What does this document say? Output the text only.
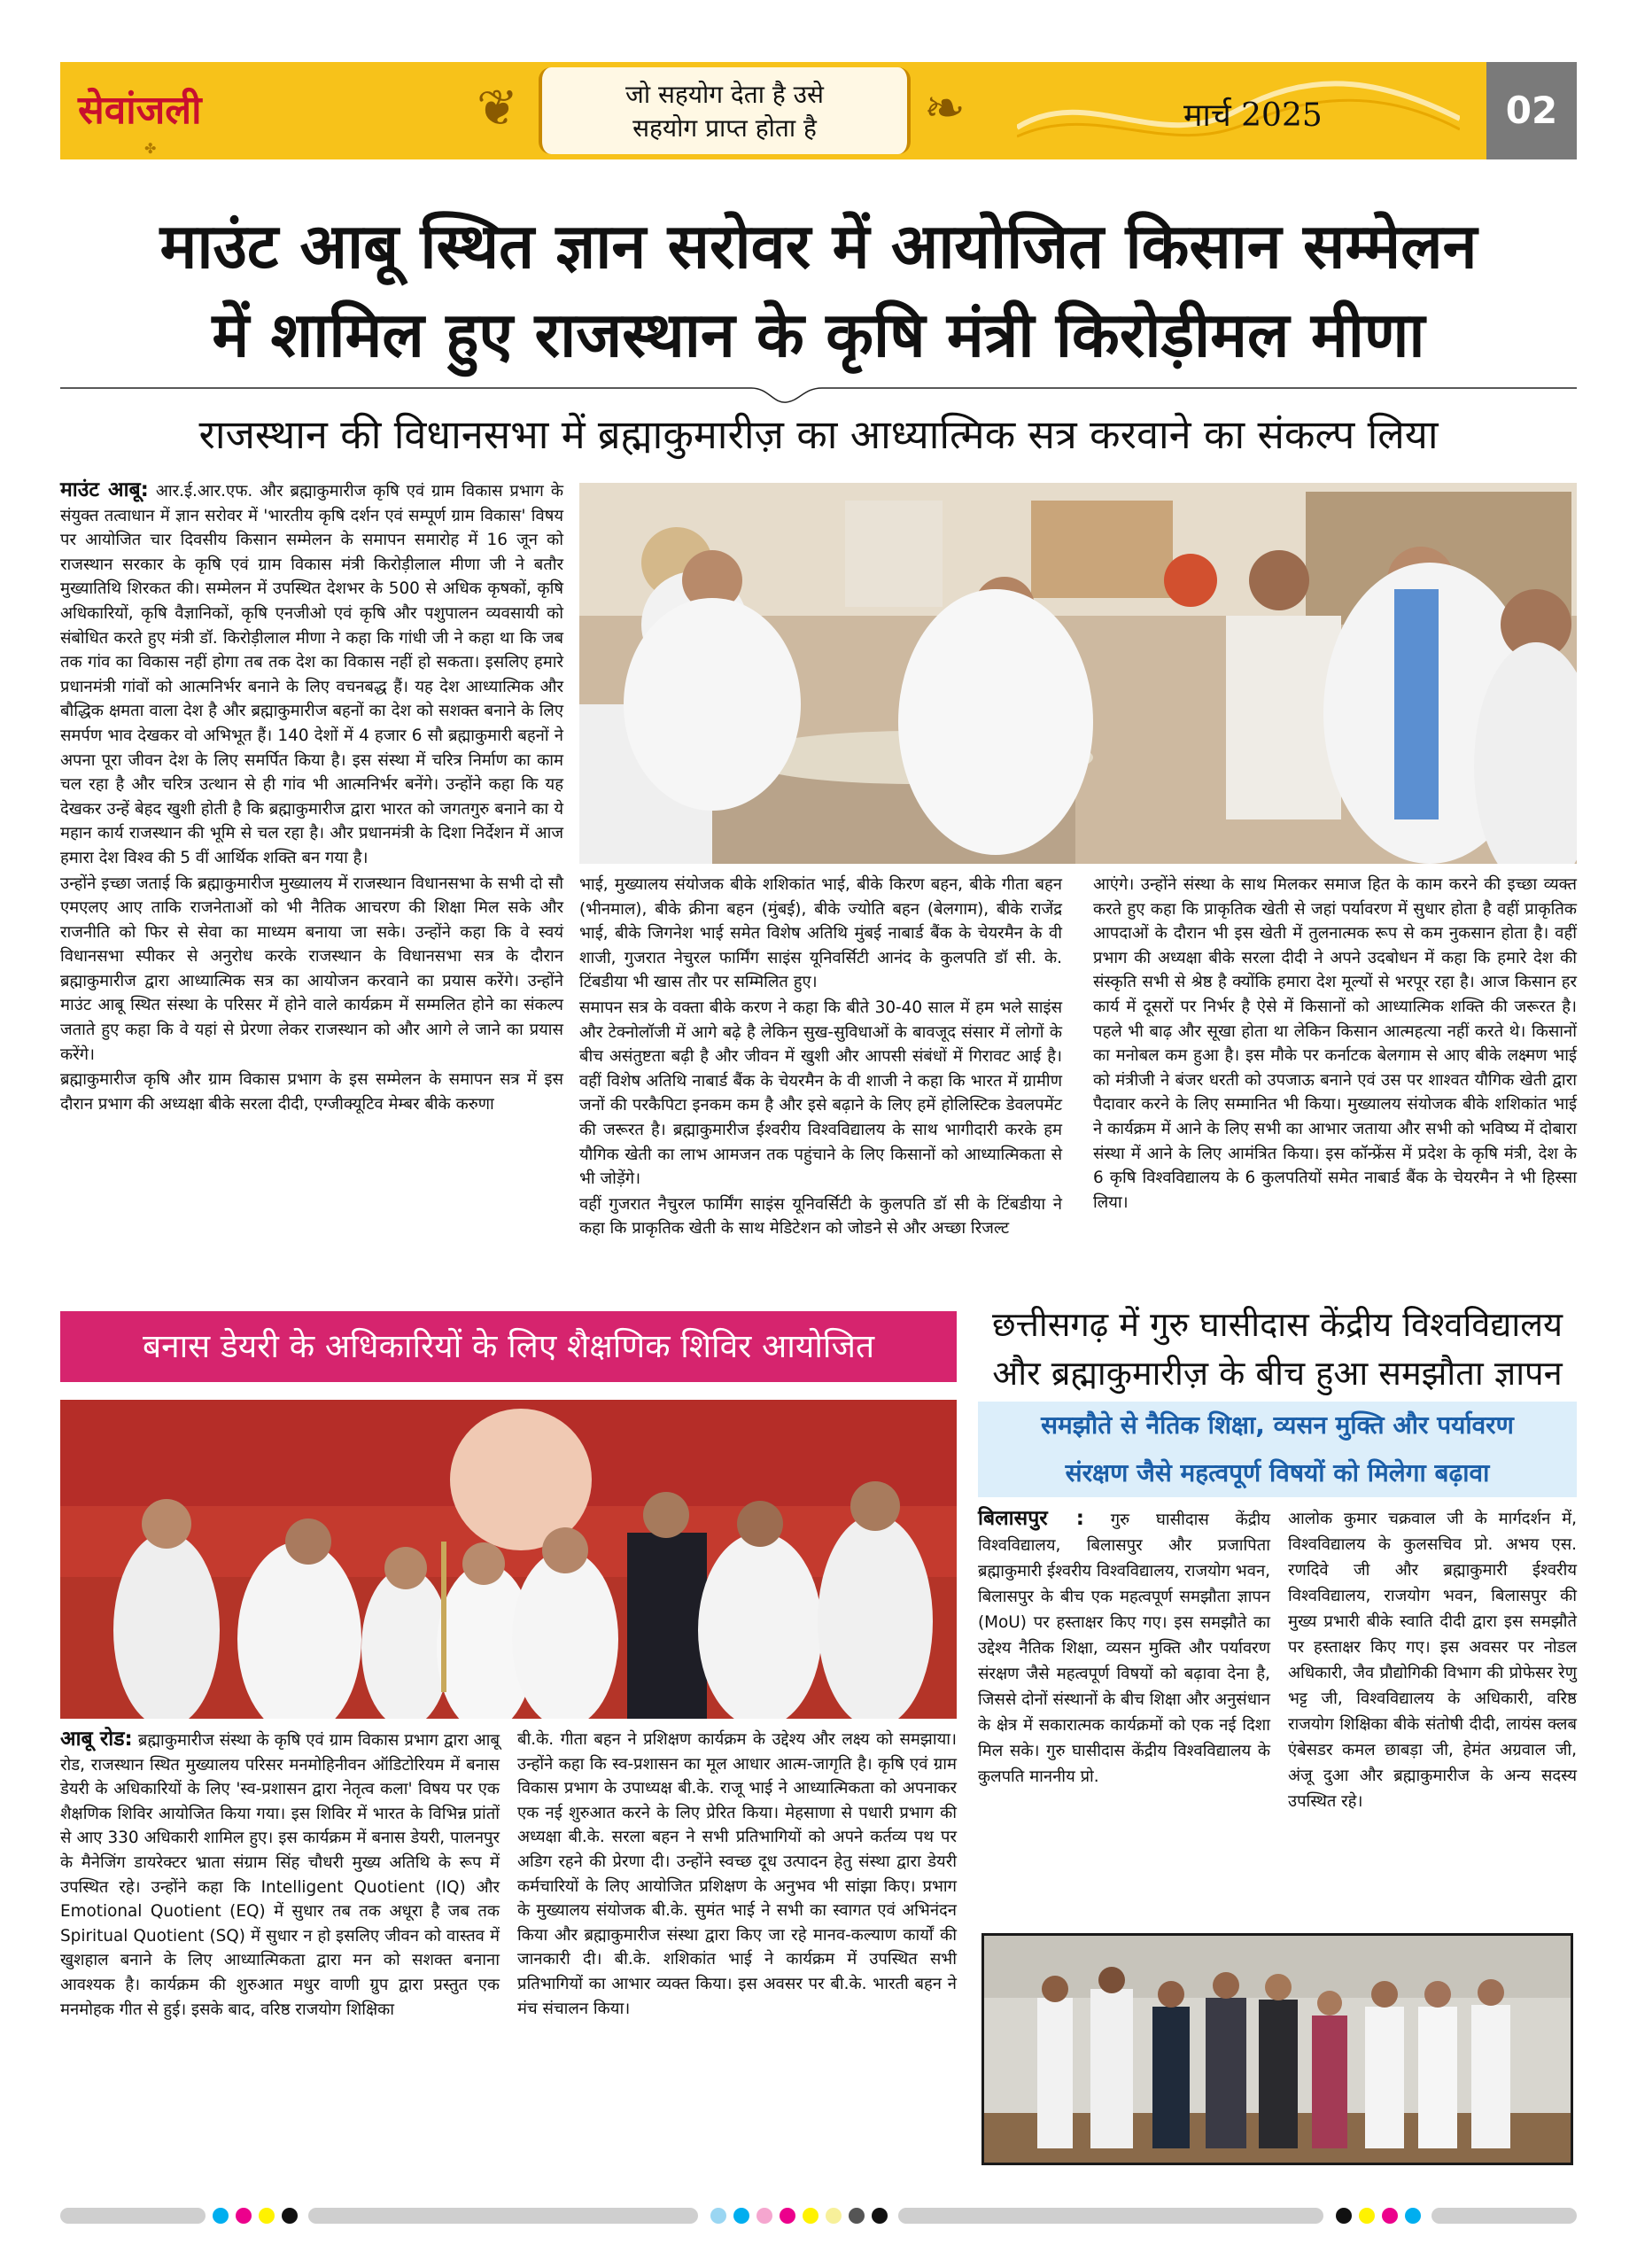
सेवांजली
✤
❦	जो सहयोग देता है उसे
सहयोग प्राप्त होता है	❧	मार्च 2025	02
माउंट आबू स्थित ज्ञान सरोवर में आयोजित किसान सम्मेलन
में शामिल हुए राजस्थान के कृषि मंत्री किरोड़ीमल मीणा
राजस्थान की विधानसभा में ब्रह्माकुमारीज़ का आध्यात्मिक सत्र करवाने का संकल्प लिया

माउंट आबू: आर.ई.आर.एफ. और ब्रह्माकुमारीज कृषि एवं ग्राम विकास प्रभाग के संयुक्त तत्वाधान में ज्ञान सरोवर में 'भारतीय कृषि दर्शन एवं सम्पूर्ण ग्राम विकास' विषय पर आयोजित चार दिवसीय किसान सम्मेलन के समापन समारोह में 16 जून को राजस्थान सरकार के कृषि एवं ग्राम विकास मंत्री किरोड़ीलाल मीणा जी ने बतौर मुख्यातिथि शिरकत की। सम्मेलन में उपस्थित देशभर के 500 से अधिक कृषकों, कृषि अधिकारियों, कृषि वैज्ञानिकों, कृषि एनजीओ एवं कृषि और पशुपालन व्यवसायी को संबोधित करते हुए मंत्री डॉ. किरोड़ीलाल मीणा ने कहा कि गांधी जी ने कहा था कि जब तक गांव का विकास नहीं होगा तब तक देश का विकास नहीं हो सकता। इसलिए हमारे प्रधानमंत्री गांवों को आत्मनिर्भर बनाने के लिए वचनबद्ध हैं। यह देश आध्यात्मिक और बौद्धिक क्षमता वाला देश है और ब्रह्माकुमारीज बहनों का देश को सशक्त बनाने के लिए समर्पण भाव देखकर वो अभिभूत हैं। 140 देशों में 4 हजार 6 सौ ब्रह्माकुमारी बहनों ने अपना पूरा जीवन देश के लिए समर्पित किया है। इस संस्था में चरित्र निर्माण का काम चल रहा है और चरित्र उत्थान से ही गांव भी आत्मनिर्भर बनेंगे। उन्होंने कहा कि यह देखकर उन्हें बेहद खुशी होती है कि ब्रह्माकुमारीज द्वारा भारत को जगतगुरु बनाने का ये महान कार्य राजस्थान की भूमि से चल रहा है। और प्रधानमंत्री के दिशा निर्देशन में आज हमारा देश विश्व की 5 वीं आर्थिक शक्ति बन गया है।

उन्होंने इच्छा जताई कि ब्रह्माकुमारीज मुख्यालय में राजस्थान विधानसभा के सभी दो सौ एमएलए आए ताकि राजनेताओं को भी नैतिक आचरण की शिक्षा मिल सके और राजनीति को फिर से सेवा का माध्यम बनाया जा सके। उन्होंने कहा कि वे स्वयं विधानसभा स्पीकर से अनुरोध करके राजस्थान के विधानसभा सत्र के दौरान ब्रह्माकुमारीज द्वारा आध्यात्मिक सत्र का आयोजन करवाने का प्रयास करेंगे। उन्होंने माउंट आबू स्थित संस्था के परिसर में होने वाले कार्यक्रम में सम्मलित होने का संकल्प जताते हुए कहा कि वे यहां से प्रेरणा लेकर राजस्थान को और आगे ले जाने का प्रयास करेंगे।

ब्रह्माकुमारीज कृषि और ग्राम विकास प्रभाग के इस सम्मेलन के समापन सत्र में इस दौरान प्रभाग की अध्यक्षा बीके सरला दीदी, एग्जीक्यूटिव मेम्बर बीके करुणा

भाई, मुख्यालय संयोजक बीके शशिकांत भाई, बीके किरण बहन, बीके गीता बहन (भीनमाल), बीके क्रीना बहन (मुंबई), बीके ज्योति बहन (बेलगाम), बीके राजेंद्र भाई, बीके जिगनेश भाई समेत विशेष अतिथि मुंबई नाबार्ड बैंक के चेयरमैन के वी शाजी, गुजरात नेचुरल फार्मिंग साइंस यूनिवर्सिटी आनंद के कुलपति डॉ सी. के. टिंबडीया भी खास तौर पर सम्मिलित हुए।

समापन सत्र के वक्ता बीके करण ने कहा कि बीते 30-40 साल में हम भले साइंस और टेक्नोलॉजी में आगे बढ़े है लेकिन सुख-सुविधाओं के बावजूद संसार में लोगों के बीच असंतुष्टता बढ़ी है और जीवन में खुशी और आपसी संबंधों में गिरावट आई है। वहीं विशेष अतिथि नाबार्ड बैंक के चेयरमैन के वी शाजी ने कहा कि भारत में ग्रामीण जनों की परकैपिटा इनकम कम है और इसे बढ़ाने के लिए हमें होलिस्टिक डेवलपमेंट की जरूरत है। ब्रह्माकुमारीज ईश्वरीय विश्वविद्यालय के साथ भागीदारी करके हम यौगिक खेती का लाभ आमजन तक पहुंचाने के लिए किसानों को आध्यात्मिकता से भी जोड़ेंगे।

वहीं गुजरात नैचुरल फार्मिंग साइंस यूनिवर्सिटी के कुलपति डॉ सी के टिंबडीया ने कहा कि प्राकृतिक खेती के साथ मेडिटेशन को जोडने से और अच्छा रिजल्ट

आएंगे। उन्होंने संस्था के साथ मिलकर समाज हित के काम करने की इच्छा व्यक्त करते हुए कहा कि प्राकृतिक खेती से जहां पर्यावरण में सुधार होता है वहीं प्राकृतिक आपदाओं के दौरान भी इस खेती में तुलनात्मक रूप से कम नुकसान होता है। वहीं प्रभाग की अध्यक्षा बीके सरला दीदी ने अपने उदबोधन में कहा कि हमारे देश की संस्कृति सभी से श्रेष्ठ है क्योंकि हमारा देश मूल्यों से भरपूर रहा है। आज किसान हर कार्य में दूसरों पर निर्भर है ऐसे में किसानों को आध्यात्मिक शक्ति की जरूरत है। पहले भी बाढ़ और सूखा होता था लेकिन किसान आत्महत्या नहीं करते थे। किसानों का मनोबल कम हुआ है। इस मौके पर कर्नाटक बेलगाम से आए बीके लक्ष्मण भाई को मंत्रीजी ने बंजर धरती को उपजाऊ बनाने एवं उस पर शाश्वत यौगिक खेती द्वारा पैदावार करने के लिए सम्मानित भी किया। मुख्यालय संयोजक बीके शशिकांत भाई ने कार्यक्रम में आने के लिए सभी का आभार जताया और सभी को भविष्य में दोबारा संस्था में आने के लिए आमंत्रित किया। इस कॉन्फ्रेंस में प्रदेश के कृषि मंत्री, देश के 6 कृषि विश्वविद्यालय के 6 कुलपतियों समेत नाबार्ड बैंक के चेयरमैन ने भी हिस्सा लिया।

बनास डेयरी के अधिकारियों के लिए शैक्षणिक शिविर आयोजित

आबू रोड: ब्रह्माकुमारीज संस्था के कृषि एवं ग्राम विकास प्रभाग द्वारा आबू रोड, राजस्थान स्थित मुख्यालय परिसर मनमोहिनीवन ऑडिटोरियम में बनास डेयरी के अधिकारियों के लिए 'स्व-प्रशासन द्वारा नेतृत्व कला' विषय पर एक शैक्षणिक शिविर आयोजित किया गया। इस शिविर में भारत के विभिन्न प्रांतों से आए 330 अधिकारी शामिल हुए। इस कार्यक्रम में बनास डेयरी, पालनपुर के मैनेजिंग डायरेक्टर भ्राता संग्राम सिंह चौधरी मुख्य अतिथि के रूप में उपस्थित रहे। उन्होंने कहा कि Intelligent Quotient (IQ) और Emotional Quotient (EQ) में सुधार तब तक अधूरा है जब तक Spiritual Quotient (SQ) में सुधार न हो इसलिए जीवन को वास्तव में खुशहाल बनाने के लिए आध्यात्मिकता द्वारा मन को सशक्त बनाना आवश्यक है। कार्यक्रम की शुरुआत मधुर वाणी ग्रुप द्वारा प्रस्तुत एक मनमोहक गीत से हुई। इसके बाद, वरिष्ठ राजयोग शिक्षिका

बी.के. गीता बहन ने प्रशिक्षण कार्यक्रम के उद्देश्य और लक्ष्य को समझाया। उन्होंने कहा कि स्व-प्रशासन का मूल आधार आत्म-जागृति है। कृषि एवं ग्राम विकास प्रभाग के उपाध्यक्ष बी.के. राजू भाई ने आध्यात्मिकता को अपनाकर एक नई शुरुआत करने के लिए प्रेरित किया। मेहसाणा से पधारी प्रभाग की अध्यक्षा बी.के. सरला बहन ने सभी प्रतिभागियों को अपने कर्तव्य पथ पर अडिग रहने की प्रेरणा दी। उन्होंने स्वच्छ दूध उत्पादन हेतु संस्था द्वारा डेयरी कर्मचारियों के लिए आयोजित प्रशिक्षण के अनुभव भी सांझा किए। प्रभाग के मुख्यालय संयोजक बी.के. सुमंत भाई ने सभी का स्वागत एवं अभिनंदन किया और ब्रह्माकुमारीज संस्था द्वारा किए जा रहे मानव-कल्याण कार्यों की जानकारी दी। बी.के. शशिकांत भाई ने कार्यक्रम में उपस्थित सभी प्रतिभागियों का आभार व्यक्त किया। इस अवसर पर बी.के. भारती बहन ने मंच संचालन किया।

छत्तीसगढ़ में गुरु घासीदास केंद्रीय विश्वविद्यालय
और ब्रह्माकुमारीज़ के बीच हुआ समझौता ज्ञापन
समझौते से नैतिक शिक्षा, व्यसन मुक्ति और पर्यावरण
संरक्षण जैसे महत्वपूर्ण विषयों को मिलेगा बढ़ावा

बिलासपुर : गुरु घासीदास केंद्रीय विश्वविद्यालय, बिलासपुर और प्रजापिता ब्रह्माकुमारी ईश्वरीय विश्वविद्यालय, राजयोग भवन, बिलासपुर के बीच एक महत्वपूर्ण समझौता ज्ञापन (MoU) पर हस्ताक्षर किए गए। इस समझौते का उद्देश्य नैतिक शिक्षा, व्यसन मुक्ति और पर्यावरण संरक्षण जैसे महत्वपूर्ण विषयों को बढ़ावा देना है, जिससे दोनों संस्थानों के बीच शिक्षा और अनुसंधान के क्षेत्र में सकारात्मक कार्यक्रमों को एक नई दिशा मिल सके। गुरु घासीदास केंद्रीय विश्वविद्यालय के कुलपति माननीय प्रो.

आलोक कुमार चक्रवाल जी के मार्गदर्शन में, विश्वविद्यालय के कुलसचिव प्रो. अभय एस. रणदिवे जी और ब्रह्माकुमारी ईश्वरीय विश्वविद्यालय, राजयोग भवन, बिलासपुर की मुख्य प्रभारी बीके स्वाति दीदी द्वारा इस समझौते पर हस्ताक्षर किए गए। इस अवसर पर नोडल अधिकारी, जैव प्रौद्योगिकी विभाग की प्रोफेसर रेणु भट्ट जी, विश्वविद्यालय के अधिकारी, वरिष्ठ राजयोग शिक्षिका बीके संतोषी दीदी, लायंस क्लब एंबेसडर कमल छाबड़ा जी, हेमंत अग्रवाल जी, अंजू दुआ और ब्रह्माकुमारीज के अन्य सदस्य उपस्थित रहे।
